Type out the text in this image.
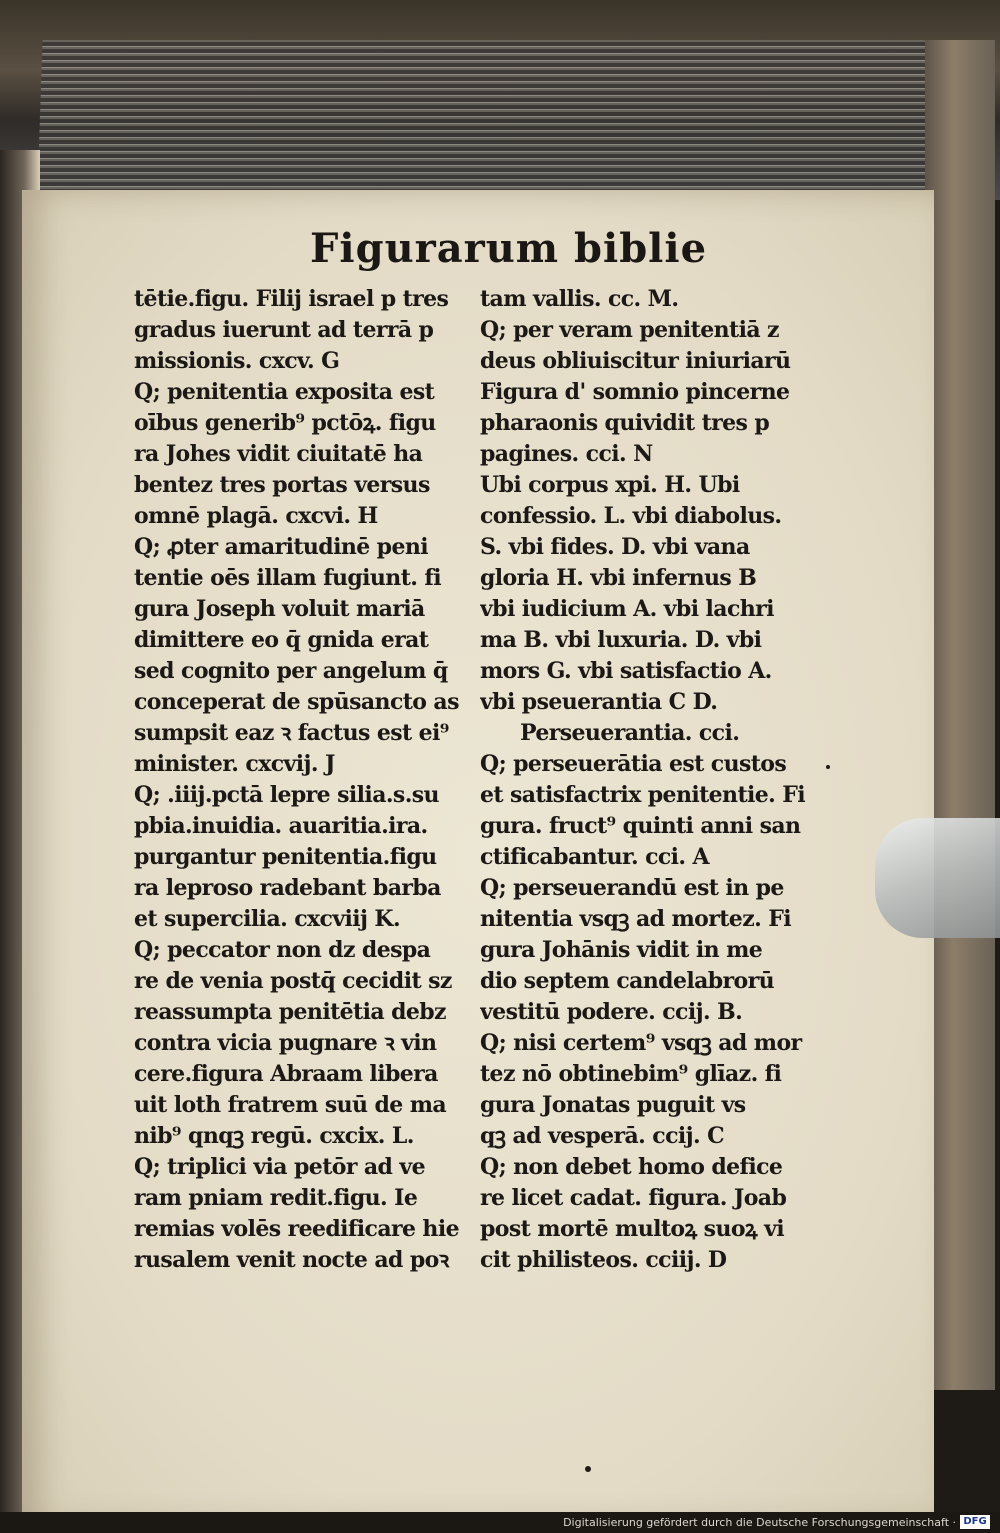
Figurarum biblie
tētie.figu. Filij israel p tres
gradus iuerunt ad terrā p
missionis. cxcv. G
Q; penitentia exposita est
oībus generib⁹ pctōꝝ. figu
ra Johes vidit ciuitatē ha
bentez tres portas versus
omnē plagā. cxcvi. H
Q; ꝓter amaritudinē peni
tentie oēs illam fugiunt. fi
gura Joseph voluit mariā
dimittere eo q̄ gnida erat
sed cognito per angelum q̄
conceperat de spūsancto as
sumpsit eaz ꝛ factus est ei⁹
minister. cxcvij. J
Q; .iiij.pctā lepre silia.s.su
pbia.inuidia. auaritia.ira.
purgantur penitentia.figu
ra leproso radebant barba
et supercilia. cxcviij K.
Q; peccator non dz despa
re de venia postq̄ cecidit sz
reassumpta penitētia debz
contra vicia pugnare ꝛ vin
cere.figura Abraam libera
uit loth fratrem suū de ma
nib⁹ qnqꝫ regū. cxcix. L.
Q; triplici via petōr ad ve
ram pniam redit.figu. Ie
remias volēs reedificare hie
rusalem venit nocte ad poꝛ
tam vallis. cc. M.
Q; per veram penitentiā z
deus obliuiscitur iniuriarū
Figura d' somnio pincerne
pharaonis quividit tres p
pagines. cci. N
Ubi corpus xpi. H. Ubi
confessio. L. vbi diabolus.
S. vbi fides. D. vbi vana
gloria H. vbi infernus B
vbi iudicium A. vbi lachri
ma B. vbi luxuria. D. vbi
mors G. vbi satisfactio A.
vbi pseuerantia C D.
Perseuerantia. cci.
Q; perseuerātia est custos
et satisfactrix penitentie. Fi
gura. fruct⁹ quinti anni san
ctificabantur. cci. A
Q; perseuerandū est in pe
nitentia vsqꝫ ad mortez. Fi
gura Johānis vidit in me
dio septem candelabrorū
vestitū podere. ccij. B.
Q; nisi certem⁹ vsqꝫ ad mor
tez nō obtinebim⁹ glīaz. fi
gura Jonatas puguit vs
qꝫ ad vesperā. ccij. C
Q; non debet homo defice
re licet cadat. figura. Joab
post mortē multoꝝ suoꝝ vi
cit philisteos. cciij. D
Digitalisierung gefördert durch die Deutsche Forschungsgemeinschaft · DFG
